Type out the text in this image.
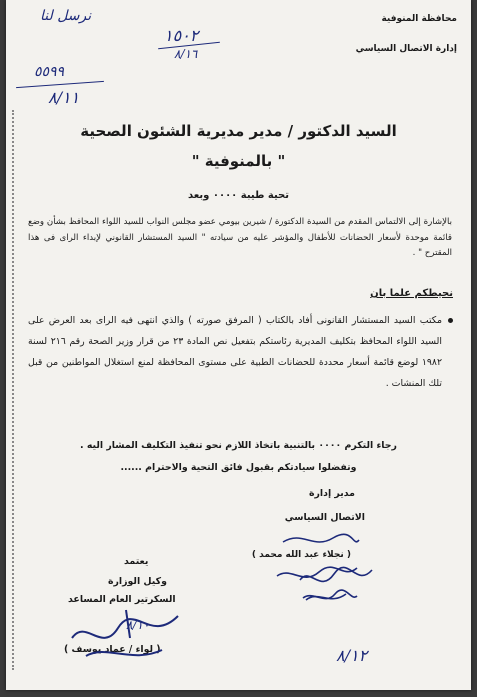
محافظة المنوفية
إدارة الاتصال السياسي
نرسل لنا
١٥٠٢
٨/١٦
٥٥٩٩
٨/١١
السيد الدكتور / مدير مديرية الشئون الصحية
" بالمنوفية "
تحية طيبة ٠٠٠٠ وبعد
بالإشارة إلى الالتماس المقدم من السيدة الدكتورة / شيرين بيومي عضو مجلس النواب للسيد اللواء المحافظ بشأن وضع قائمة موحدة لأسعار الحضانات للأطفال والمؤشر عليه من سيادته " السيد المستشار القانوني لإبداء الراى فى هذا المقترح " .
نحيطكم علما بان
مكتب السيد المستشار القانونى أفاد بالكتاب ( المرفق صورته ) والذي انتهى فيه الراى بعد العرض على السيد اللواء المحافظ بتكليف المديرية رئاستكم بتفعيل نص المادة ٢٣ من قرار وزير الصحة رقم ٢١٦ لسنة ١٩٨٢ لوضع قائمة أسعار محددة للحضانات الطبية على مستوى المحافظة لمنع استغلال المواطنين من قبل تلك المنشات .
رجاء التكرم ٠٠٠٠ بالتنبية باتخاذ اللازم نحو تنفيذ التكليف المشار اليه .
وتفضلوا سيادتكم بقبول فائق التحية والاحترام ......
مدير إدارة
الاتصال السياسي
( نجلاء عبد الله محمد )
يعتمد
وكيل الوزارة
السكرتير العام المساعد
( لواء / عماد يوسف )	٨/١٢
٨/١٠
